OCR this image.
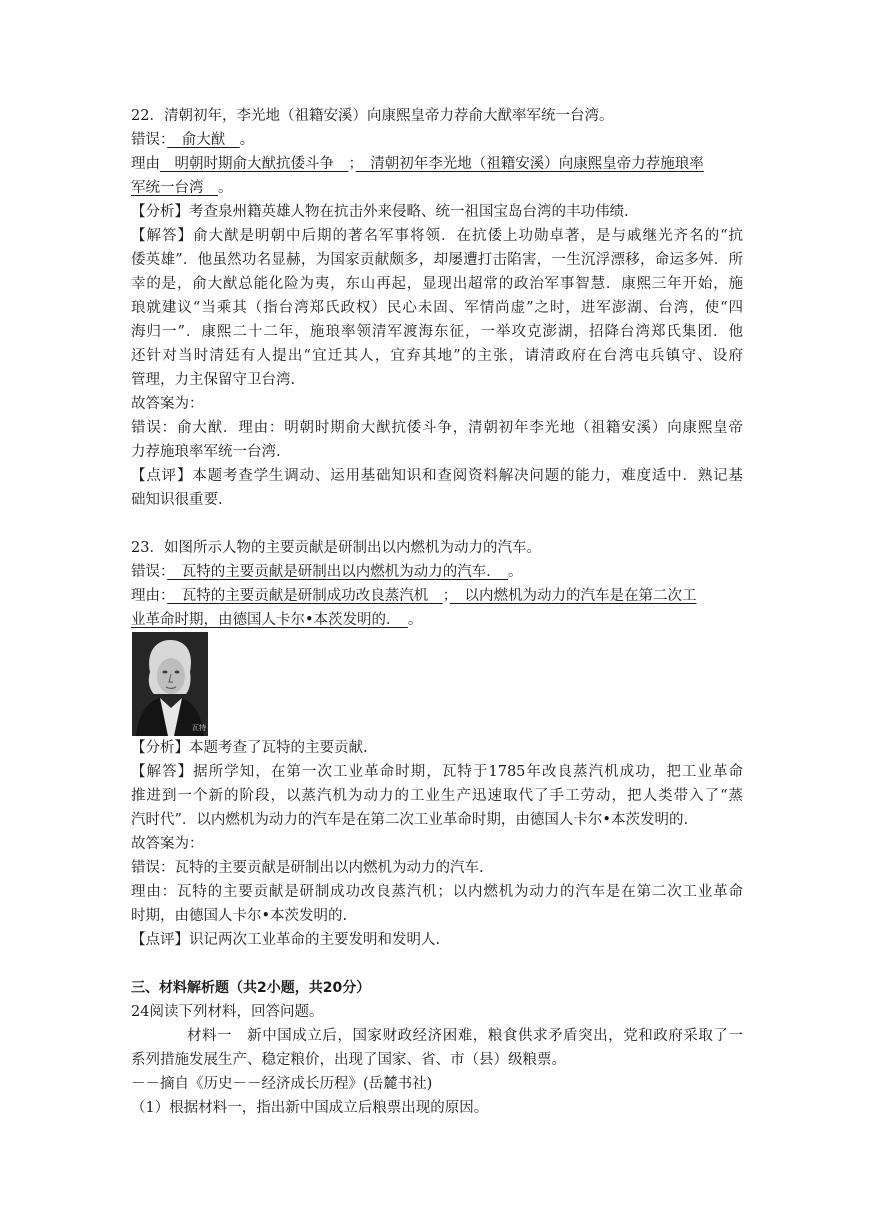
22．清朝初年，李光地（祖籍安溪）向康熙皇帝力荐俞大猷率军统一台湾。
错误：　俞大猷　。
理由　明朝时期俞大猷抗倭斗争　；　清朝初年李光地（祖籍安溪）向康熙皇帝力荐施琅率
军统一台湾　。
【分析】考查泉州籍英雄人物在抗击外来侵略、统一祖国宝岛台湾的丰功伟绩.
【解答】俞大猷是明朝中后期的著名军事将领．在抗倭上功勋卓著，是与戚继光齐名的“抗
倭英雄”．他虽然功名显赫，为国家贡献颇多，却屡遭打击陷害，一生沉浮漂移，命运多舛．所
幸的是，俞大猷总能化险为夷，东山再起，显现出超常的政治军事智慧．康熙三年开始，施
琅就建议“当乘其（指台湾郑氏政权）民心未固、军情尚虚”之时，进军澎湖、台湾，使“四
海归一”．康熙二十二年，施琅率领清军渡海东征，一举攻克澎湖，招降台湾郑氏集团．他
还针对当时清廷有人提出“宜迁其人，宜弃其地”的主张，请清政府在台湾屯兵镇守、设府
管理，力主保留守卫台湾.
故答案为：
错误：俞大猷．理由：明朝时期俞大猷抗倭斗争，清朝初年李光地（祖籍安溪）向康熙皇帝
力荐施琅率军统一台湾.
【点评】本题考查学生调动、运用基础知识和查阅资料解决问题的能力，难度适中．熟记基
础知识很重要.
23．如图所示人物的主要贡献是研制出以内燃机为动力的汽车。
错误：　瓦特的主要贡献是研制出以内燃机为动力的汽车．　。
理由：　瓦特的主要贡献是研制成功改良蒸汽机　；　以内燃机为动力的汽车是在第二次工
业革命时期，由德国人卡尔•本茨发明的．　。
瓦特
【分析】本题考查了瓦特的主要贡献.
【解答】据所学知，在第一次工业革命时期，瓦特于1785年改良蒸汽机成功，把工业革命
推进到一个新的阶段，以蒸汽机为动力的工业生产迅速取代了手工劳动，把人类带入了“蒸
汽时代”．以内燃机为动力的汽车是在第二次工业革命时期，由德国人卡尔•本茨发明的.
故答案为：
错误：瓦特的主要贡献是研制出以内燃机为动力的汽车.
理由：瓦特的主要贡献是研制成功改良蒸汽机；以内燃机为动力的汽车是在第二次工业革命
时期，由德国人卡尔•本茨发明的.
【点评】识记两次工业革命的主要发明和发明人.
三、材料解析题（共2小题，共20分）
24阅读下列材料，回答问题。
材料一　新中国成立后，国家财政经济困难，粮食供求矛盾突出，党和政府采取了一
系列措施发展生产、稳定粮价，出现了国家、省、市（县）级粮票。
－－摘自《历史－－经济成长历程》(岳麓书社)
（1）根据材料一，指出新中国成立后粮票出现的原因。
